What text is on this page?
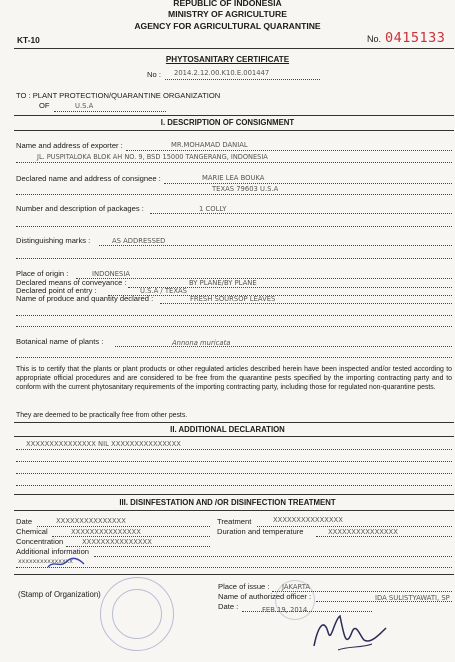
REPUBLIC OF INDONESIA
MINISTRY OF AGRICULTURE
AGENCY FOR AGRICULTURAL QUARANTINE
KT-10	No. 0415133
PHYTOSANITARY CERTIFICATE
No : 2014.2.12.00.K10.E.001447
TO : PLANT PROTECTION/QUARANTINE ORGANIZATION
OF	U.S.A
I. DESCRIPTION OF CONSIGNMENT
Name and address of exporter :	MR.MOHAMAD DANIAL
JL. PUSPITALOKA BLOK AH NO. 9, BSD 15000 TANGERANG, INDONESIA
Declared name and address of consignee :	MARIE LEA BOUKA
TEXAS 79603 U.S.A
Number and description of packages :	1 COLLY
Distinguishing marks :	AS ADDRESSED
Place of origin :	INDONESIA
Declared means of conveyance :	BY PLANE/BY PLANE
Declared point of entry :	U.S.A / TEXAS
Name of produce and quantity declared :	FRESH SOURSOP LEAVES
Botanical name of plants :	Annona muricata
This is to certify that the plants or plant products or other regulated articles described herein have been inspected and/or tested according to appropriate official procedures and are considered to be free from the quarantine pests specified by the importing contracting party and to conform with the current phytosanitary requirements of the importing contracting party, including those for regulated non-quarantine pests.
They are deemed to be practically free from other pests.
II. ADDITIONAL DECLARATION
XXXXXXXXXXXXXXX NIL XXXXXXXXXXXXXXX
III. DISINFESTATION AND /OR DISINFECTION TREATMENT
Date	XXXXXXXXXXXXXXX	Treatment	XXXXXXXXXXXXXXX
Chemical	XXXXXXXXXXXXXXX	Duration and temperature	XXXXXXXXXXXXXXX
Concentration	XXXXXXXXXXXXXXX
Additional information
xxxxxxxxxxxxxxx
(Stamp of Organization)
Place of issue : JAKARTA
Name of authorized officer :	IDA SULISTYAWATI, SP
Date :	FEB 19, 2014
